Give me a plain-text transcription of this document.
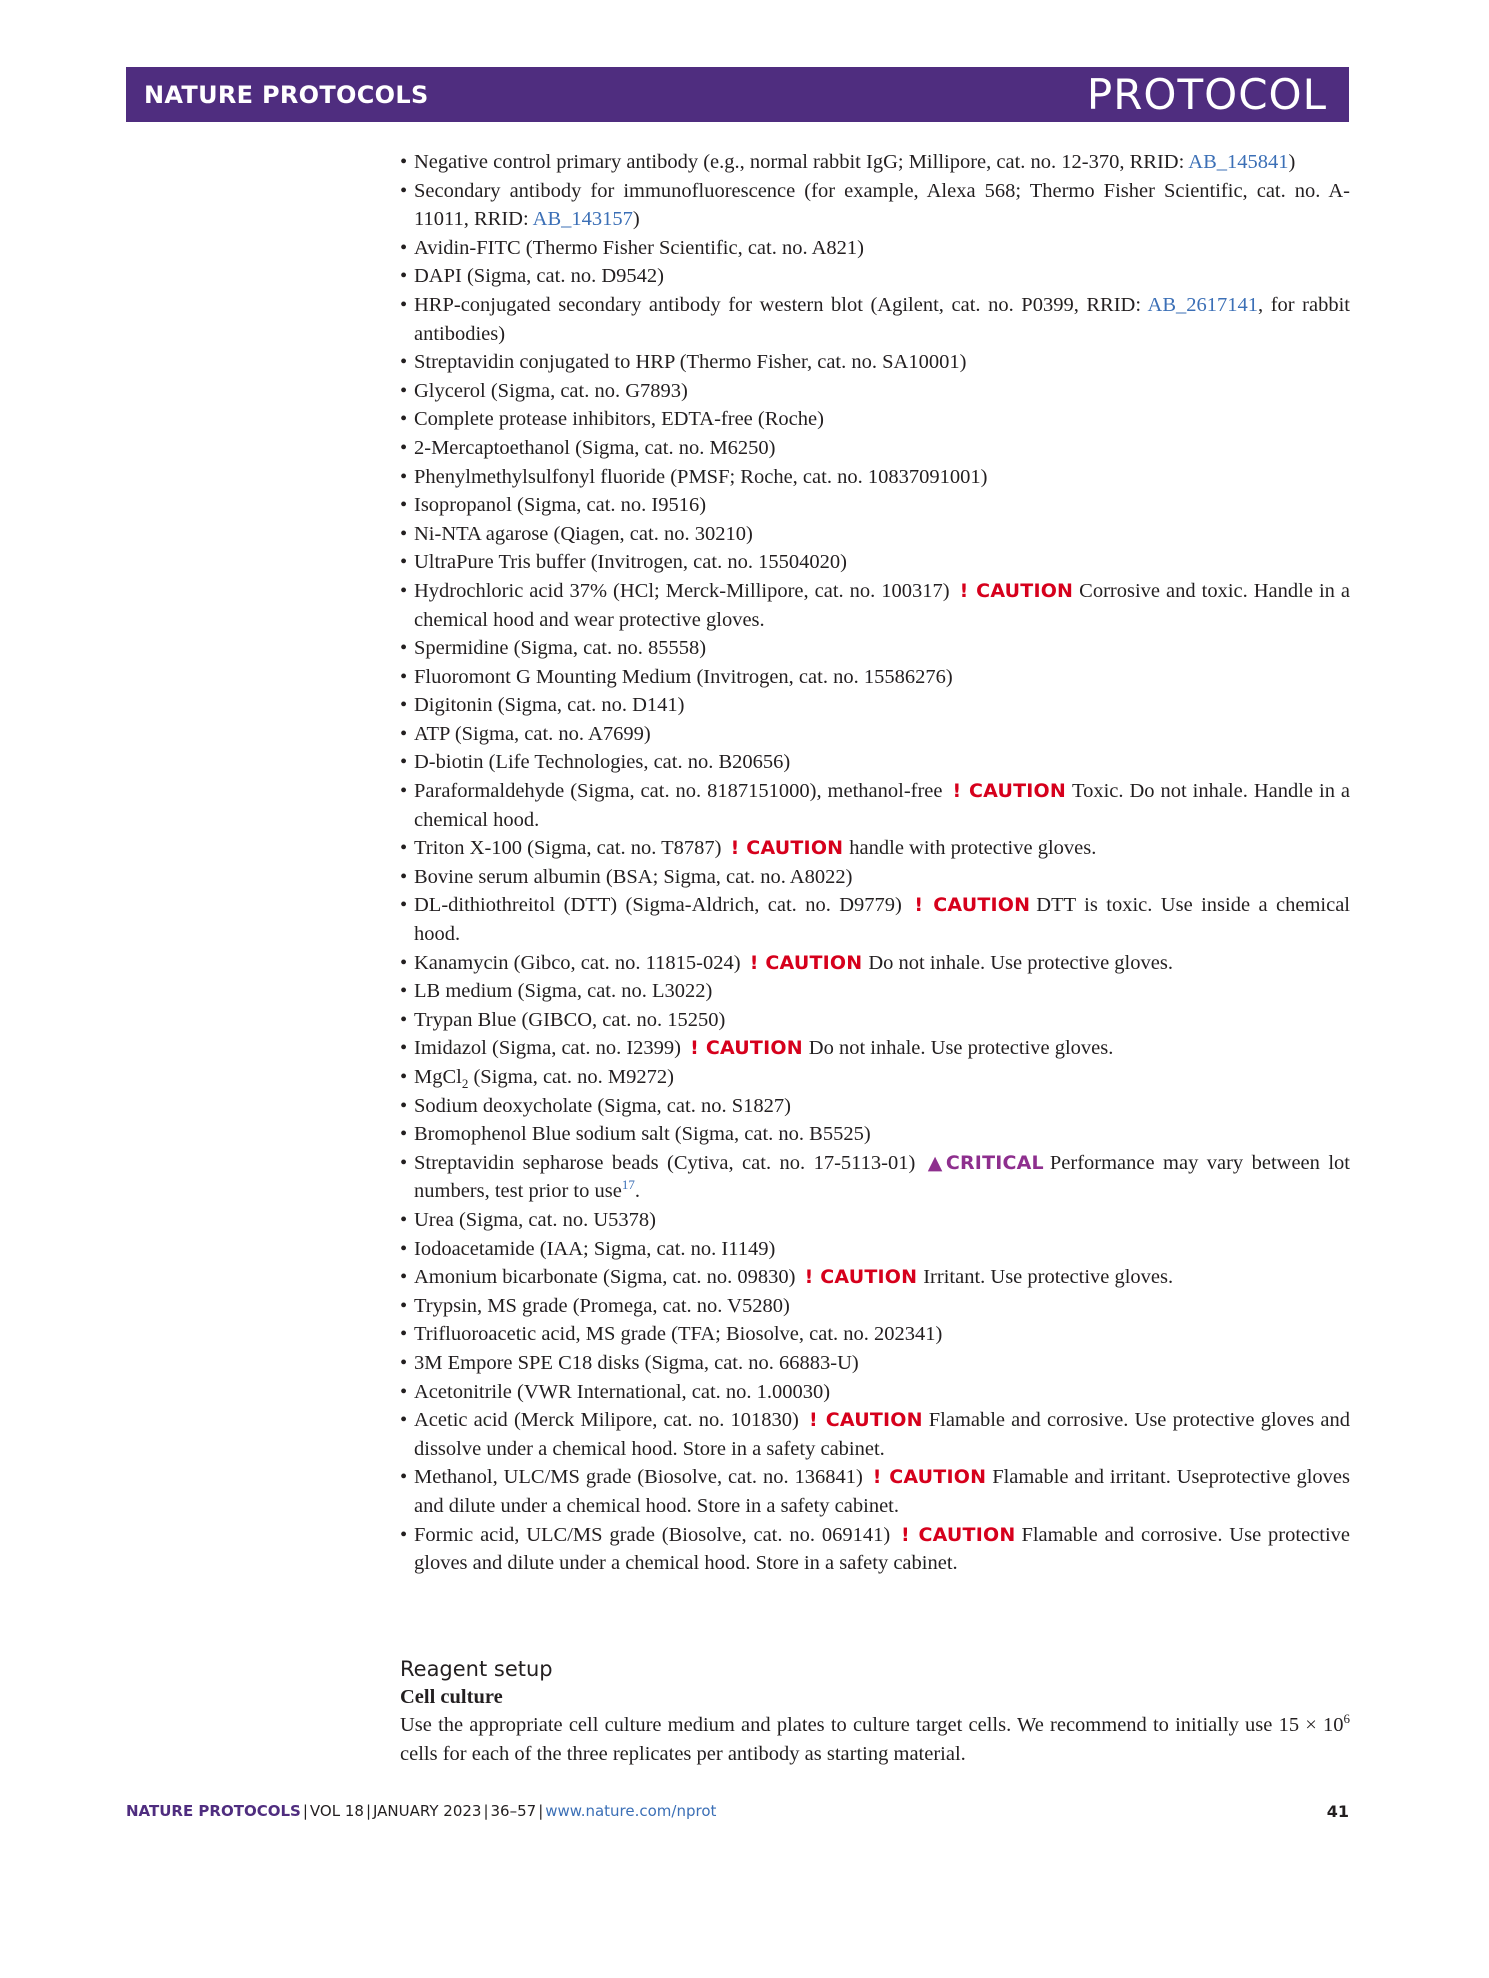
NATURE PROTOCOLS	PROTOCOL
• Negative control primary antibody (e.g., normal rabbit IgG; Millipore, cat. no. 12-370, RRID: AB_145841)
• Secondary antibody for immunofluorescence (for example, Alexa 568; Thermo Fisher Scientific, cat. no. A-11011, RRID: AB_143157)
• Avidin-FITC (Thermo Fisher Scientific, cat. no. A821)
• DAPI (Sigma, cat. no. D9542)
• HRP-conjugated secondary antibody for western blot (Agilent, cat. no. P0399, RRID: AB_2617141, for rabbit antibodies)
• Streptavidin conjugated to HRP (Thermo Fisher, cat. no. SA10001)
• Glycerol (Sigma, cat. no. G7893)
• Complete protease inhibitors, EDTA-free (Roche)
• 2-Mercaptoethanol (Sigma, cat. no. M6250)
• Phenylmethylsulfonyl fluoride (PMSF; Roche, cat. no. 10837091001)
• Isopropanol (Sigma, cat. no. I9516)
• Ni-NTA agarose (Qiagen, cat. no. 30210)
• UltraPure Tris buffer (Invitrogen, cat. no. 15504020)
• Hydrochloric acid 37% (HCl; Merck-Millipore, cat. no. 100317) ! CAUTION Corrosive and toxic. Handle in a chemical hood and wear protective gloves.
• Spermidine (Sigma, cat. no. 85558)
• Fluoromont G Mounting Medium (Invitrogen, cat. no. 15586276)
• Digitonin (Sigma, cat. no. D141)
• ATP (Sigma, cat. no. A7699)
• D-biotin (Life Technologies, cat. no. B20656)
• Paraformaldehyde (Sigma, cat. no. 8187151000), methanol-free ! CAUTION Toxic. Do not inhale. Handle in a chemical hood.
• Triton X-100 (Sigma, cat. no. T8787) ! CAUTION handle with protective gloves.
• Bovine serum albumin (BSA; Sigma, cat. no. A8022)
• DL-dithiothreitol (DTT) (Sigma-Aldrich, cat. no. D9779) ! CAUTION DTT is toxic. Use inside a chemical hood.
• Kanamycin (Gibco, cat. no. 11815-024) ! CAUTION Do not inhale. Use protective gloves.
• LB medium (Sigma, cat. no. L3022)
• Trypan Blue (GIBCO, cat. no. 15250)
• Imidazol (Sigma, cat. no. I2399) ! CAUTION Do not inhale. Use protective gloves.
• MgCl$_2$ (Sigma, cat. no. M9272)
• Sodium deoxycholate (Sigma, cat. no. S1827)
• Bromophenol Blue sodium salt (Sigma, cat. no. B5525)
• Streptavidin sepharose beads (Cytiva, cat. no. 17-5113-01) ▲CRITICAL Performance may vary between lot numbers, test prior to use$^{17}$.
• Urea (Sigma, cat. no. U5378)
• Iodoacetamide (IAA; Sigma, cat. no. I1149)
• Amonium bicarbonate (Sigma, cat. no. 09830) ! CAUTION Irritant. Use protective gloves.
• Trypsin, MS grade (Promega, cat. no. V5280)
• Trifluoroacetic acid, MS grade (TFA; Biosolve, cat. no. 202341)
• 3M Empore SPE C18 disks (Sigma, cat. no. 66883-U)
• Acetonitrile (VWR International, cat. no. 1.00030)
• Acetic acid (Merck Milipore, cat. no. 101830) ! CAUTION Flamable and corrosive. Use protective gloves and dissolve under a chemical hood. Store in a safety cabinet.
• Methanol, ULC/MS grade (Biosolve, cat. no. 136841) ! CAUTION Flamable and irritant. Useprotective gloves and dilute under a chemical hood. Store in a safety cabinet.
• Formic acid, ULC/MS grade (Biosolve, cat. no. 069141) ! CAUTION Flamable and corrosive. Use protective gloves and dilute under a chemical hood. Store in a safety cabinet.
Reagent setup
Cell culture

Use the appropriate cell culture medium and plates to culture target cells. We recommend to initially use $15 \times 10^6$ cells for each of the three replicates per antibody as starting material.

NATURE PROTOCOLS | VOL 18 | JANUARY 2023 | 36–57 | www.nature.com/nprot	41
